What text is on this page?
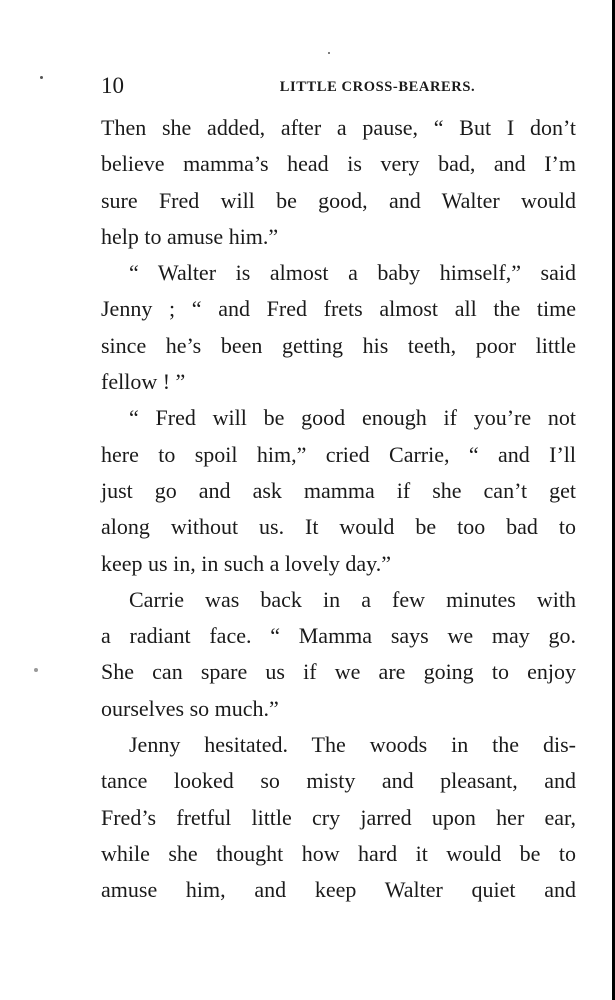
10	LITTLE CROSS-BEARERS.
Then she added, after a pause, “ But I don’t
believe mamma’s head is very bad, and I’m
sure Fred will be good, and Walter would
help to amuse him.”
“ Walter is almost a baby himself,” said
Jenny ; “ and Fred frets almost all the time
since he’s been getting his teeth, poor little
fellow ! ”
“ Fred will be good enough if you’re not
here to spoil him,” cried Carrie, “ and I’ll
just go and ask mamma if she can’t get
along without us. It would be too bad to
keep us in, in such a lovely day.”
Carrie was back in a few minutes with
a radiant face. “ Mamma says we may go.
She can spare us if we are going to enjoy
ourselves so much.”
Jenny hesitated. The woods in the dis-
tance looked so misty and pleasant, and
Fred’s fretful little cry jarred upon her ear,
while she thought how hard it would be to
amuse him, and keep Walter quiet and
